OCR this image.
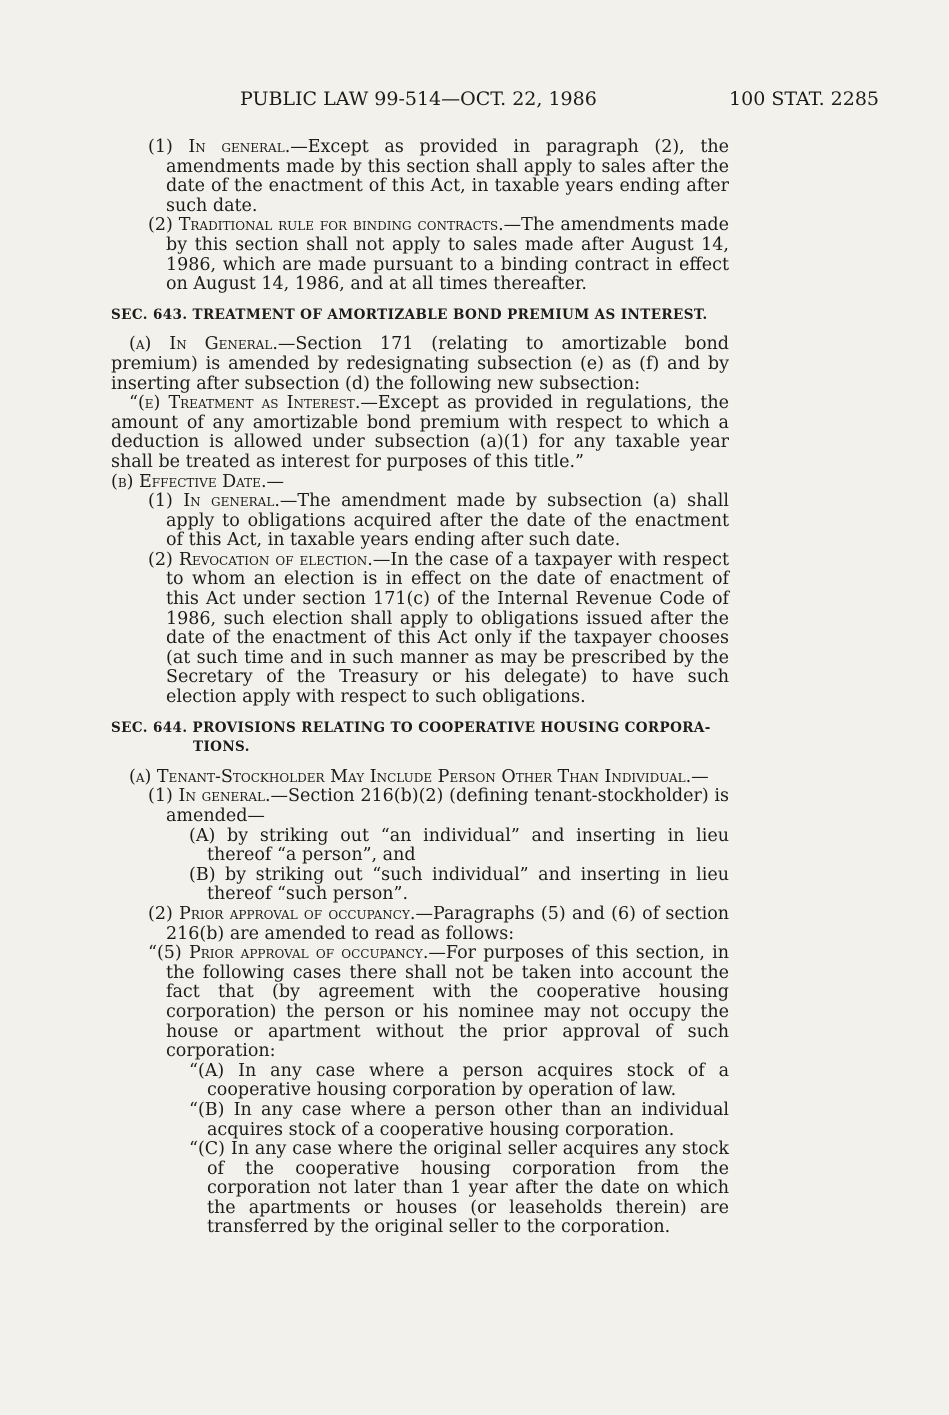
PUBLIC LAW 99-514—OCT. 22, 1986	100 STAT. 2285

(1) In general.—Except as provided in paragraph (2), the amendments made by this section shall apply to sales after the date of the enactment of this Act, in taxable years ending after such date.

(2) Traditional rule for binding contracts.—The amendments made by this section shall not apply to sales made after August 14, 1986, which are made pursuant to a binding contract in effect on August 14, 1986, and at all times thereafter.

SEC. 643. TREATMENT OF AMORTIZABLE BOND PREMIUM AS INTEREST.

(a) In General.—Section 171 (relating to amortizable bond premium) is amended by redesignating subsection (e) as (f) and by inserting after subsection (d) the following new subsection:

“(e) Treatment as Interest.—Except as provided in regulations, the amount of any amortizable bond premium with respect to which a deduction is allowed under subsection (a)(1) for any taxable year shall be treated as interest for purposes of this title.”

(b) Effective Date.—

(1) In general.—The amendment made by subsection (a) shall apply to obligations acquired after the date of the enactment of this Act, in taxable years ending after such date.

(2) Revocation of election.—In the case of a taxpayer with respect to whom an election is in effect on the date of enactment of this Act under section 171(c) of the Internal Revenue Code of 1986, such election shall apply to obligations issued after the date of the enactment of this Act only if the taxpayer chooses (at such time and in such manner as may be prescribed by the Secretary of the Treasury or his delegate) to have such election apply with respect to such obligations.

SEC. 644. PROVISIONS RELATING TO COOPERATIVE HOUSING CORPORA-
TIONS.

(a) Tenant-Stockholder May Include Person Other Than Individual.—

(1) In general.—Section 216(b)(2) (defining tenant-stockholder) is amended—

(A) by striking out “an individual” and inserting in lieu thereof “a person”, and

(B) by striking out “such individual” and inserting in lieu thereof “such person”.

(2) Prior approval of occupancy.—Paragraphs (5) and (6) of section 216(b) are amended to read as follows:

“(5) Prior approval of occupancy.—For purposes of this section, in the following cases there shall not be taken into account the fact that (by agreement with the cooperative housing corporation) the person or his nominee may not occupy the house or apartment without the prior approval of such corporation:

“(A) In any case where a person acquires stock of a cooperative housing corporation by operation of law.

“(B) In any case where a person other than an individual acquires stock of a cooperative housing corporation.

“(C) In any case where the original seller acquires any stock of the cooperative housing corporation from the corporation not later than 1 year after the date on which the apartments or houses (or leaseholds therein) are transferred by the original seller to the corporation.
